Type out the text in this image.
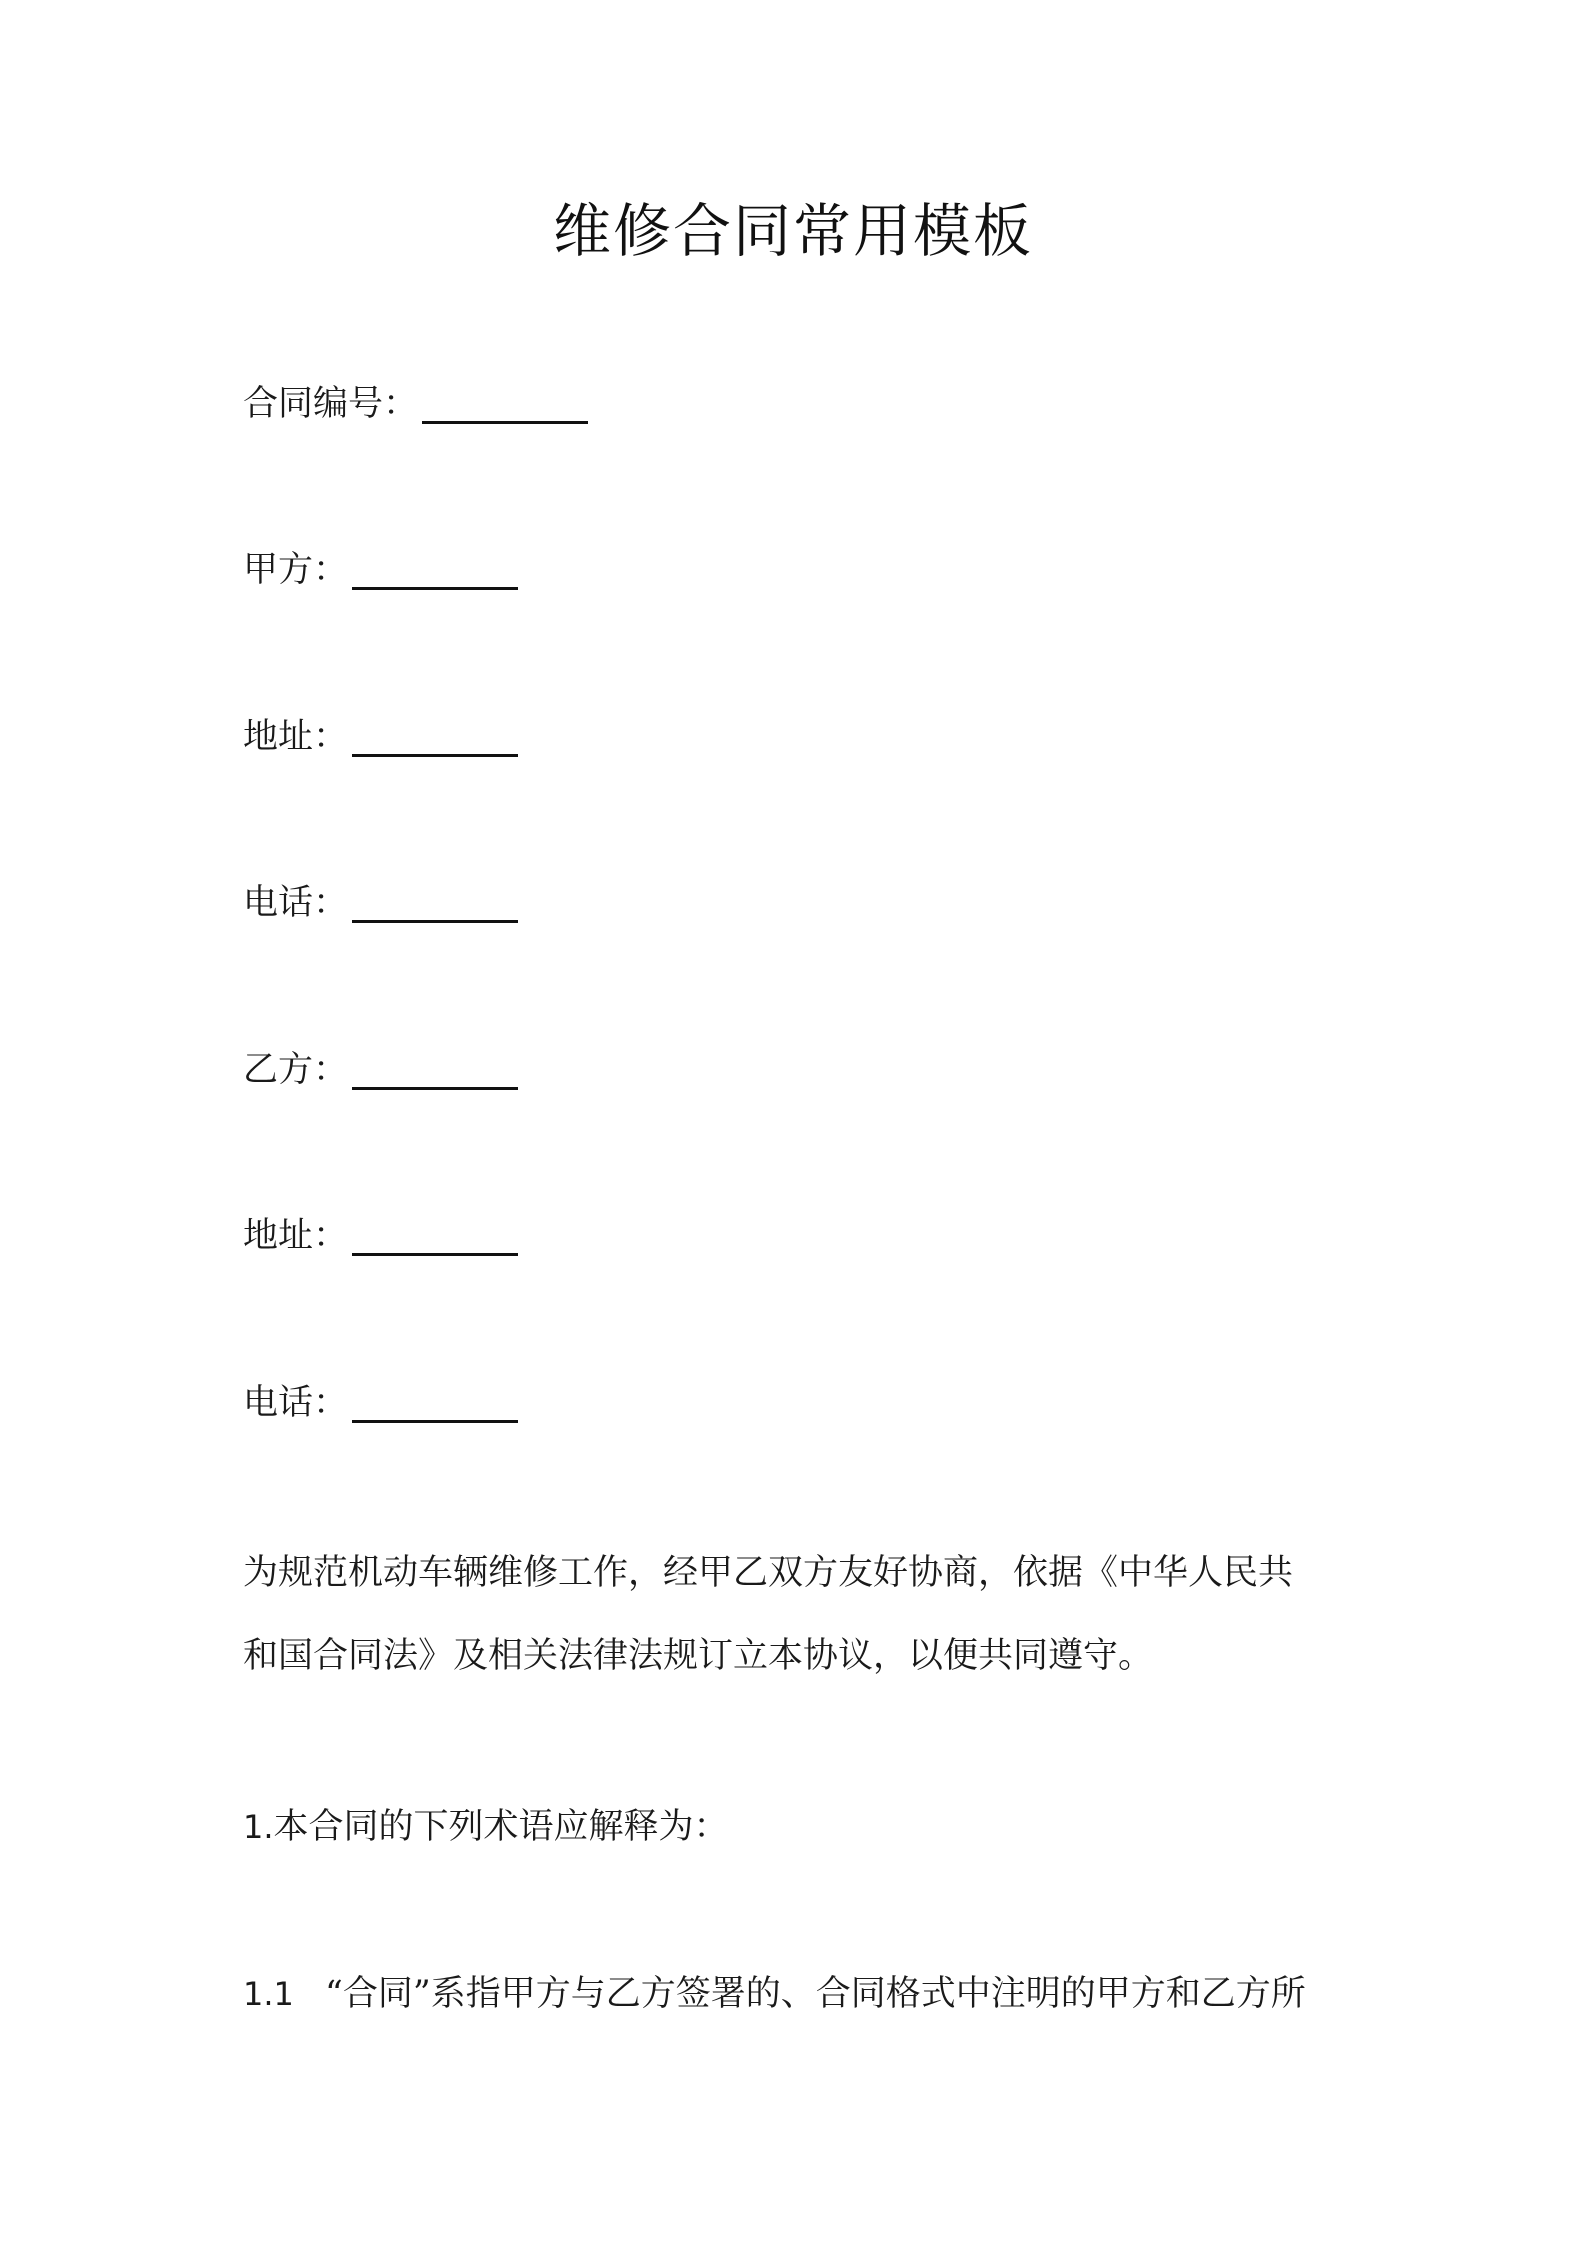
维修合同常用模板
合同编号：
甲方：
地址：
电话：
乙方：
地址：
电话：
为规范机动车辆维修工作，经甲乙双方友好协商，依据《中华人民共
和国合同法》及相关法律法规订立本协议，以便共同遵守。
1.本合同的下列术语应解释为：
1.1 “合同”系指甲方与乙方签署的、合同格式中注明的甲方和乙方所
